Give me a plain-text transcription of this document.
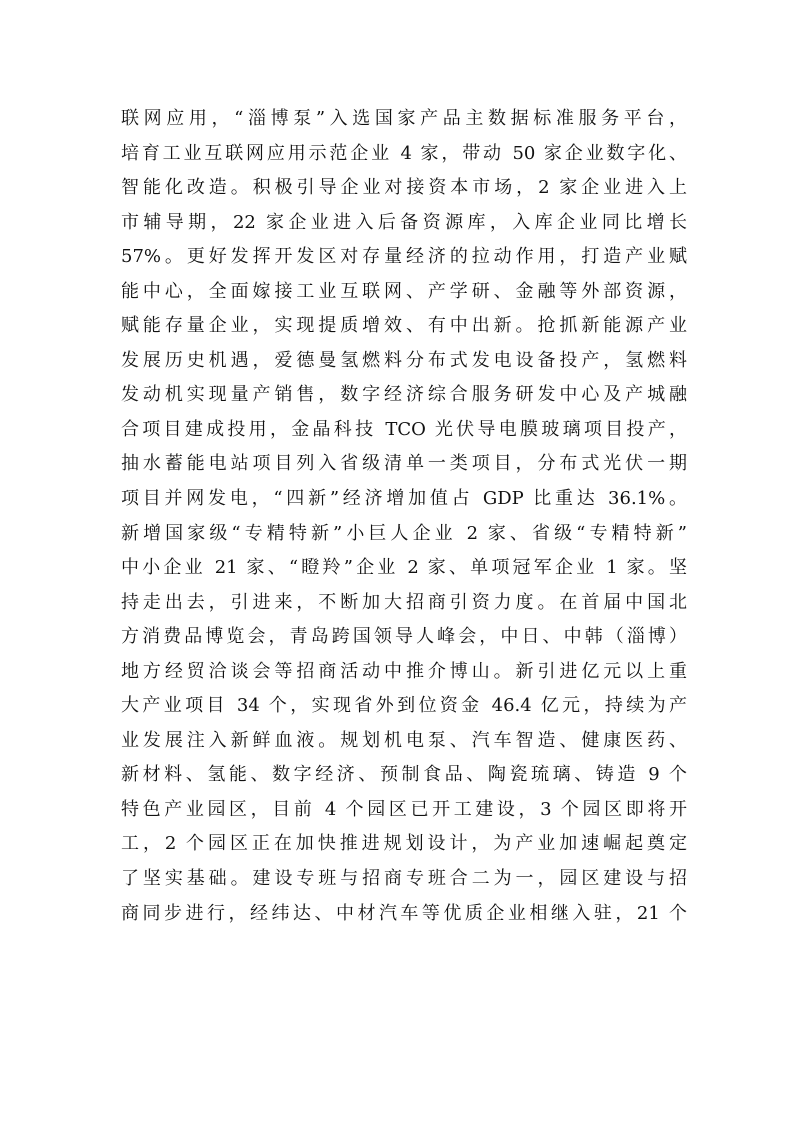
联网应用，“淄博泵”入选国家产品主数据标准服务平台，
培育工业互联网应用示范企业 4 家，带动 50 家企业数字化、
智能化改造。积极引导企业对接资本市场，2 家企业进入上
市辅导期，22 家企业进入后备资源库，入库企业同比增长
57%。更好发挥开发区对存量经济的拉动作用，打造产业赋
能中心，全面嫁接工业互联网、产学研、金融等外部资源，
赋能存量企业，实现提质增效、有中出新。抢抓新能源产业
发展历史机遇，爱德曼氢燃料分布式发电设备投产，氢燃料
发动机实现量产销售，数字经济综合服务研发中心及产城融
合项目建成投用，金晶科技 TCO 光伏导电膜玻璃项目投产，
抽水蓄能电站项目列入省级清单一类项目，分布式光伏一期
项目并网发电，“四新”经济增加值占 GDP 比重达 36.1%。
新增国家级“专精特新”小巨人企业 2 家、省级“专精特新”
中小企业 21 家、“瞪羚”企业 2 家、单项冠军企业 1 家。坚
持走出去，引进来，不断加大招商引资力度。在首届中国北
方消费品博览会，青岛跨国领导人峰会，中日、中韩（淄博）
地方经贸洽谈会等招商活动中推介博山。新引进亿元以上重
大产业项目 34 个，实现省外到位资金 46.4 亿元，持续为产
业发展注入新鲜血液。规划机电泵、汽车智造、健康医药、
新材料、氢能、数字经济、预制食品、陶瓷琉璃、铸造 9 个
特色产业园区，目前 4 个园区已开工建设，3 个园区即将开
工，2 个园区正在加快推进规划设计，为产业加速崛起奠定
了坚实基础。建设专班与招商专班合二为一，园区建设与招
商同步进行，经纬达、中材汽车等优质企业相继入驻，21 个
